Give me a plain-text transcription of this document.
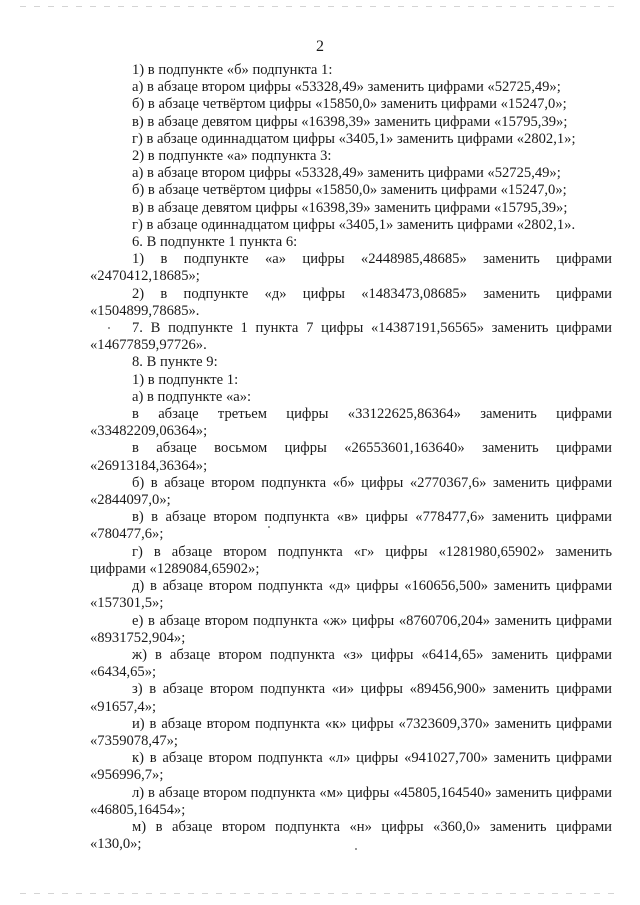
2

1) в подпункте «б» подпункта 1:

а) в абзаце втором цифры «53328,49» заменить цифрами «52725,49»;

б) в абзаце четвёртом цифры «15850,0» заменить цифрами «15247,0»;

в) в абзаце девятом цифры «16398,39» заменить цифрами «15795,39»;

г) в абзаце одиннадцатом цифры «3405,1» заменить цифрами «2802,1»;

2) в подпункте «а» подпункта 3:

а) в абзаце втором цифры «53328,49» заменить цифрами «52725,49»;

б) в абзаце четвёртом цифры «15850,0» заменить цифрами «15247,0»;

в) в абзаце девятом цифры «16398,39» заменить цифрами «15795,39»;

г) в абзаце одиннадцатом цифры «3405,1» заменить цифрами «2802,1».

6. В подпункте 1 пункта 6:

1) в подпункте «а» цифры «2448985,48685» заменить цифрами «2470412,18685»;

2) в подпункте «д» цифры «1483473,08685» заменить цифрами «1504899,78685».

7. В подпункте 1 пункта 7 цифры «14387191,56565» заменить цифрами «14677859,97726».

8. В пункте 9:

1) в подпункте 1:

а) в подпункте «а»:

в абзаце третьем цифры «33122625,86364» заменить цифрами «33482209,06364»;

в абзаце восьмом цифры «26553601,163640» заменить цифрами «26913184,36364»;

б) в абзаце втором подпункта «б» цифры «2770367,6» заменить цифрами «2844097,0»;

в) в абзаце втором подпункта «в» цифры «778477,6» заменить цифрами «780477,6»;

г) в абзаце втором подпункта «г» цифры «1281980,65902» заменить цифрами «1289084,65902»;

д) в абзаце втором подпункта «д» цифры «160656,500» заменить цифрами «157301,5»;

е) в абзаце втором подпункта «ж» цифры «8760706,204» заменить цифрами «8931752,904»;

ж) в абзаце втором подпункта «з» цифры «6414,65» заменить цифрами «6434,65»;

з) в абзаце втором подпункта «и» цифры «89456,900» заменить цифрами «91657,4»;

и) в абзаце втором подпункта «к» цифры «7323609,370» заменить цифрами «7359078,47»;

к) в абзаце втором подпункта «л» цифры «941027,700» заменить цифрами «956996,7»;

л) в абзаце втором подпункта «м» цифры «45805,164540» заменить цифрами «46805,16454»;

м) в абзаце втором подпункта «н» цифры «360,0» заменить цифрами «130,0»;
